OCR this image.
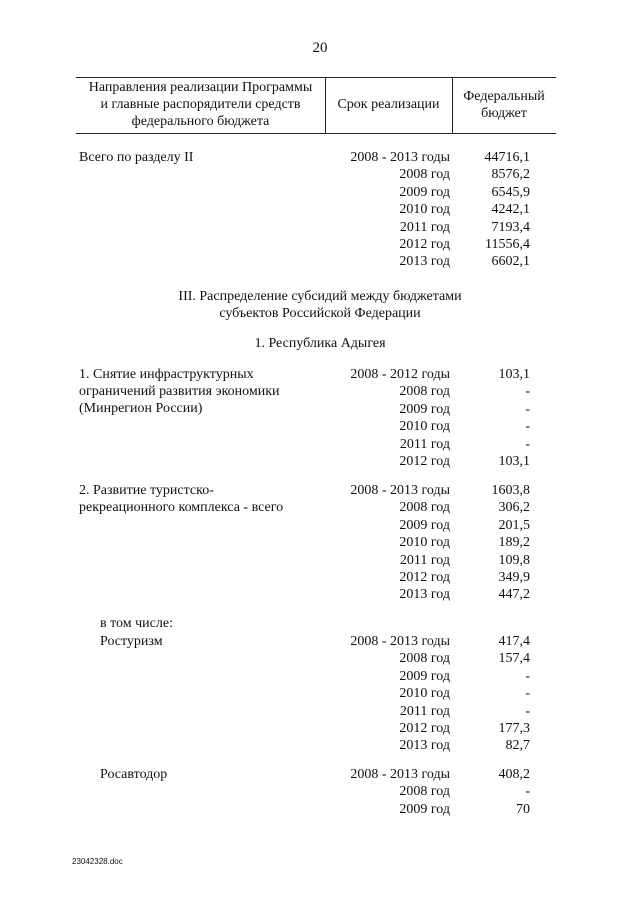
20
Направления реализации Программы
и главные распорядители средств
федерального бюджета
Срок реализации
Федеральный
бюджет
Всего по разделу II	2008 - 2013 годы	44716,1
2008 год	8576,2
2009 год	6545,9
2010 год	4242,1
2011 год	7193,4
2012 год	11556,4
2013 год	6602,1
III. Распределение субсидий между бюджетами
субъектов Российской Федерации
1. Республика Адыгея
1. Снятие инфраструктурных
ограничений развития экономики
(Минрегион России)
2008 - 2012 годы	103,1
2008 год	-
2009 год	-
2010 год	-
2011 год	-
2012 год	103,1
2. Развитие туристско-
рекреационного комплекса - всего
2008 - 2013 годы	1603,8
2008 год	306,2
2009 год	201,5
2010 год	189,2
2011 год	109,8
2012 год	349,9
2013 год	447,2
в том числе:
Ростуризм	2008 - 2013 годы	417,4
2008 год	157,4
2009 год	-
2010 год	-
2011 год	-
2012 год	177,3
2013 год	82,7
Росавтодор	2008 - 2013 годы	408,2
2008 год	-
2009 год	70
23042328.doc
